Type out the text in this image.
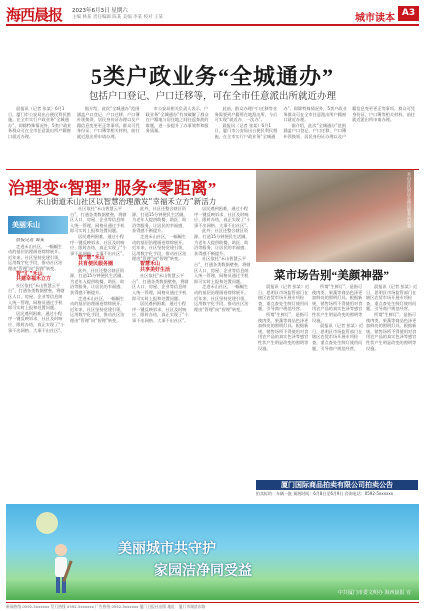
海西晨报 2023年6月3日 星期六
主编 林某 责任编辑 陈某 美编 李某 校对 王某	城市读本 A3
5类户政业务“全城通办”
包括户口登记、户口迁移等，可在全市任意派出所就近办理

晨报讯（记者 张某）6月1日，厦门市公安局出台便民利民措施，在全市实行户政业务“全城通办”，即除特殊情况外，5类户政业务群众可在全市任意派出所户籍窗口就近办理。

据介绍，此次“全城通办”范围涵盖户口登记、户口迁移、户口簿补领换领、居民身份证办理以及户籍信息变更更正等事项。群众可凭身份证、户口簿等相关材料，前往就近派出所申请办理。

市公安局相关负责人表示，户政业务“全城通办”有效破解了群众在户籍地与居住地之间往返奔波的难题，进一步提升了办事效率和服务质量。

此前，群众办理户口迁移等业务需要到户籍所在地派出所，今后可实现“就近办、一次办”。

晨报讯（记者 张某）6月1日，厦门市公安局出台便民利民措施，在全市实行户政业务“全城通办”，即除特殊情况外，5类户政业务群众可在全市任意派出所户籍窗口就近办理。

据介绍，此次“全城通办”范围涵盖户口登记、户口迁移、户口簿补领换领、居民身份证办理以及户籍信息变更更正等事项。群众可凭身份证、户口簿等相关材料，前往就近派出所申请办理。

治理变“智理” 服务“零距离”
禾山街道禾山社区以智慧治理激发“幸福禾立方”新活力	禾山社区居民在便民服务站办事
美丽禾山

晨报记者 谭某

走进禾山社区，一幅幅生动的基层治理画卷徐徐展开。近年来，社区坚持党建引领，运用数字化手段，推动社区治理由“管理”向“智理”转变。

智“汇”禾山

共建幸福禾立方

社区依托“禾山智慧云平台”，打通各类数据壁垒，将辖区人口、房屋、企业等信息纳入统一管理，网格员通过手机即可实时上报和处置问题。

居民遇到困难，通过小程序一键反映诉求，社区及时响应、限时办结，真正实现了“小事不出网格、大事不出社区”。

社区依托“禾山智慧云平台”，打通各类数据壁垒，将辖区人口、房屋、企业等信息纳入统一管理，网格员通过手机即可实时上报和处置问题。

居民遇到困难，通过小程序一键反映诉求，社区及时响应、限时办结，真正实现了“小事不出网格、大事不出社区”。

智“慧”禾山

共育便民服务圈

此外，社区还整合辖区资源，打造15分钟便民生活圈，为老年人提供助餐、助医、助浴等服务，让居民的幸福感、获得感不断提升。

走进禾山社区，一幅幅生动的基层治理画卷徐徐展开。近年来，社区坚持党建引领，运用数字化手段，推动社区治理由“管理”向“智理”转变。

此外，社区还整合辖区资源，打造15分钟便民生活圈，为老年人提供助餐、助医、助浴等服务，让居民的幸福感、获得感不断提升。

走进禾山社区，一幅幅生动的基层治理画卷徐徐展开。近年来，社区坚持党建引领，运用数字化手段，推动社区治理由“管理”向“智理”转变。

智慧禾山

共享美好生活

社区依托“禾山智慧云平台”，打通各类数据壁垒，将辖区人口、房屋、企业等信息纳入统一管理，网格员通过手机即可实时上报和处置问题。

居民遇到困难，通过小程序一键反映诉求，社区及时响应、限时办结，真正实现了“小事不出网格、大事不出社区”。

居民遇到困难，通过小程序一键反映诉求，社区及时响应、限时办结，真正实现了“小事不出网格、大事不出社区”。

此外，社区还整合辖区资源，打造15分钟便民生活圈，为老年人提供助餐、助医、助浴等服务，让居民的幸福感、获得感不断提升。

社区依托“禾山智慧云平台”，打通各类数据壁垒，将辖区人口、房屋、企业等信息纳入统一管理，网格员通过手机即可实时上报和处置问题。

走进禾山社区，一幅幅生动的基层治理画卷徐徐展开。近年来，社区坚持党建引领，运用数字化手段，推动社区治理由“管理”向“智理”转变。

菜市场告别“美颜神器”

晨报讯（记者 彭某）近日，思明区市场监管部门在辖区农贸市场开展专项检查，重点查处生鲜灯使用问题，引导商户规范经营。

所谓“生鲜灯”，是指可使肉类、果蔬等商品色泽更加鲜亮的照明灯具。根据新规，销售场所不得使用对食用农产品的真实色泽等感官性状产生明显改变的照明等设施。

所谓“生鲜灯”，是指可使肉类、果蔬等商品色泽更加鲜亮的照明灯具。根据新规，销售场所不得使用对食用农产品的真实色泽等感官性状产生明显改变的照明等设施。

晨报讯（记者 彭某）近日，思明区市场监管部门在辖区农贸市场开展专项检查，重点查处生鲜灯使用问题，引导商户规范经营。

晨报讯（记者 彭某）近日，思明区市场监管部门在辖区农贸市场开展专项检查，重点查处生鲜灯使用问题，引导商户规范经营。

所谓“生鲜灯”，是指可使肉类、果蔬等商品色泽更加鲜亮的照明灯具。根据新规，销售场所不得使用对食用农产品的真实色泽等感官性状产生明显改变的照明等设施。

厦门国际商品拍卖有限公司拍卖公告
拍卖标的：车辆一批 预展时间：6月8日至6月9日 咨询电话：0592-5xxxxxx
美丽城市共守护
家园洁净同受益
中共厦门市委文明办 海西晨报 宣
新闻热线 0592-5xxxxxx 发行热线 0592-5xxxxxx 广告热线 0592-5xxxxxx 厦门日报社出版 地址：厦门市湖滨东路
